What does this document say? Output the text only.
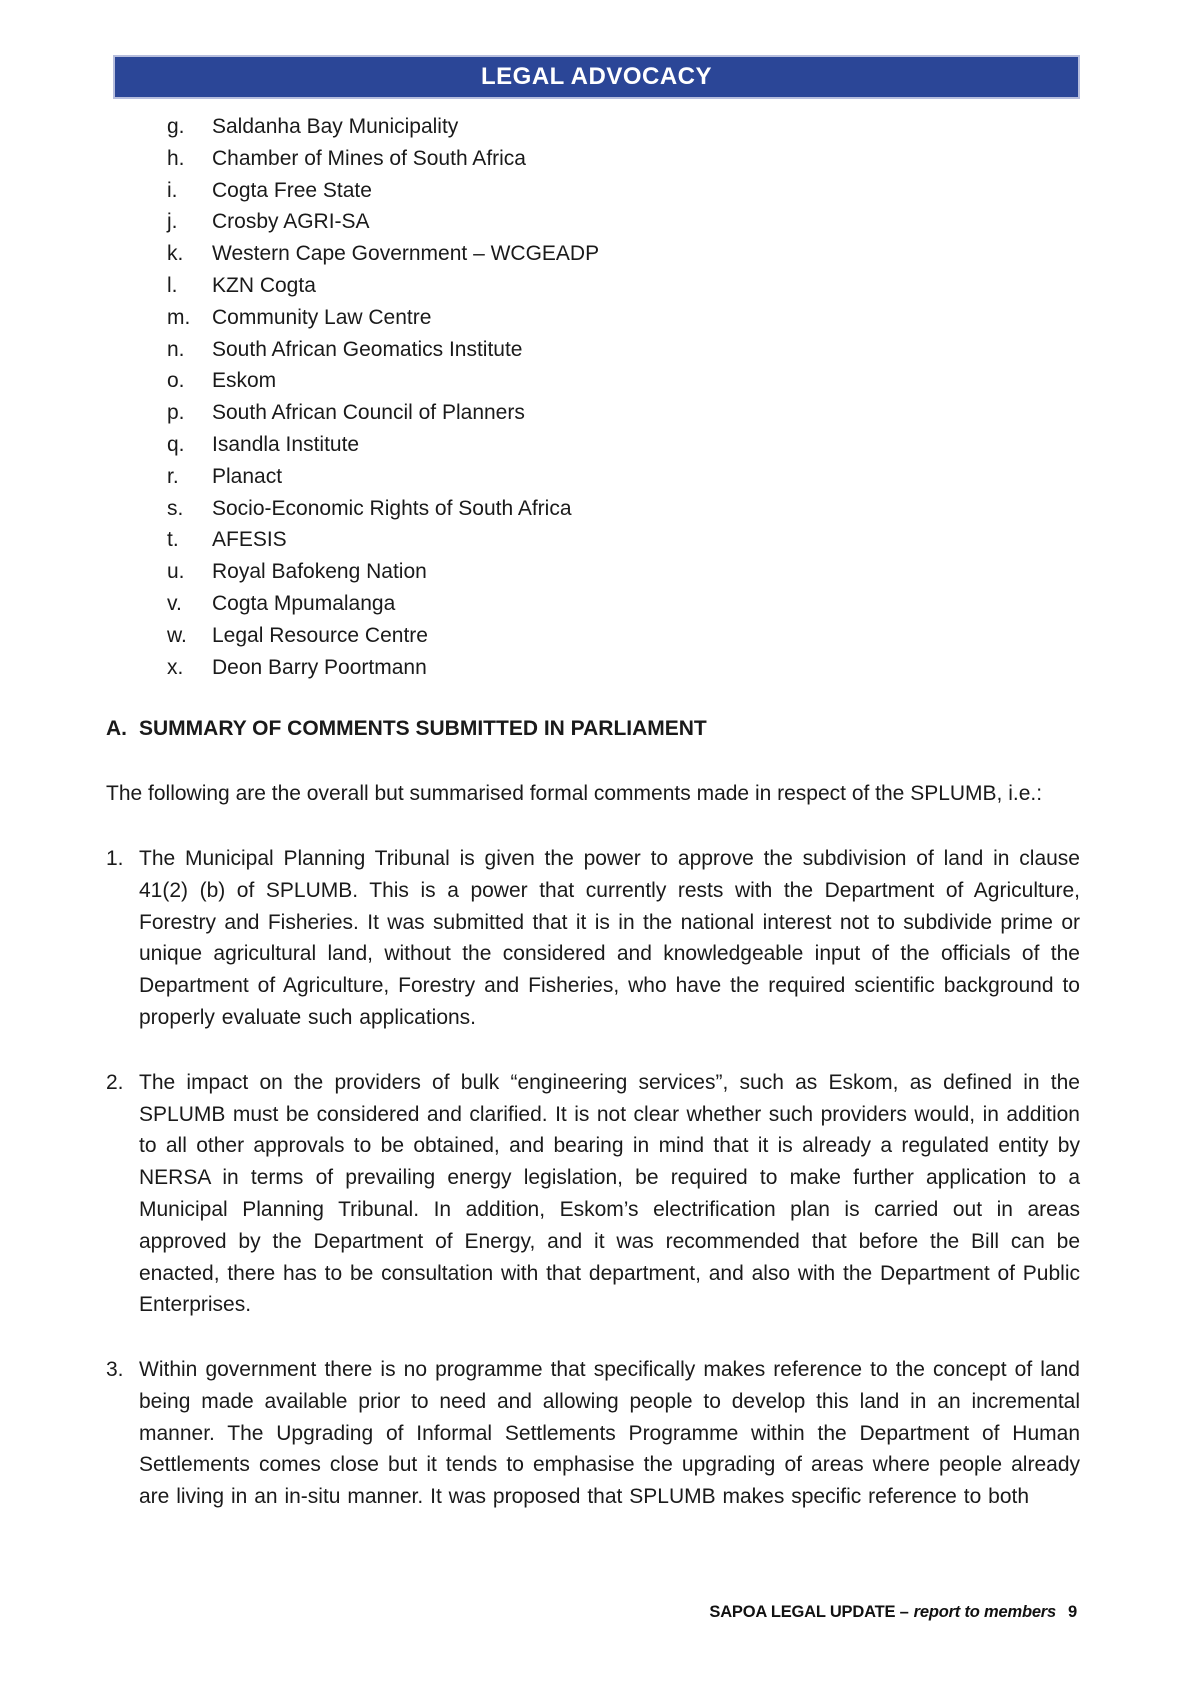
LEGAL ADVOCACY
g.	Saldanha Bay Municipality
h.	Chamber of Mines of South Africa
i.	Cogta Free State
j.	Crosby AGRI-SA
k.	Western Cape Government – WCGEADP
l.	KZN Cogta
m.	Community Law Centre
n.	South African Geomatics Institute
o.	Eskom
p.	South African Council of Planners
q.	Isandla Institute
r.	Planact
s.	Socio-Economic Rights of South Africa
t.	AFESIS
u.	Royal Bafokeng Nation
v.	Cogta Mpumalanga
w.	Legal Resource Centre
x.	Deon Barry Poortmann
A. SUMMARY OF COMMENTS SUBMITTED IN PARLIAMENT

The following are the overall but summarised formal comments made in respect of the SPLUMB, i.e.:

1. The Municipal Planning Tribunal is given the power to approve the subdivision of land in clause 41(2) (b) of SPLUMB. This is a power that currently rests with the Department of Agriculture, Forestry and Fisheries. It was submitted that it is in the national interest not to subdivide prime or unique agricultural land, without the considered and knowledgeable input of the officials of the Department of Agriculture, Forestry and Fisheries, who have the required scientific background to properly evaluate such applications.
2. The impact on the providers of bulk “engineering services”, such as Eskom, as defined in the SPLUMB must be considered and clarified. It is not clear whether such providers would, in addition to all other approvals to be obtained, and bearing in mind that it is already a regulated entity by NERSA in terms of prevailing energy legislation, be required to make further application to a Municipal Planning Tribunal. In addition, Eskom’s electrification plan is carried out in areas approved by the Department of Energy, and it was recommended that before the Bill can be enacted, there has to be consultation with that department, and also with the Department of Public Enterprises.
3. Within government there is no programme that specifically makes reference to the concept of land being made available prior to need and allowing people to develop this land in an incremental manner. The Upgrading of Informal Settlements Programme within the Department of Human Settlements comes close but it tends to emphasise the upgrading of areas where people already are living in an in-situ manner. It was proposed that SPLUMB makes specific reference to both
SAPOA LEGAL UPDATE – report to members 9
